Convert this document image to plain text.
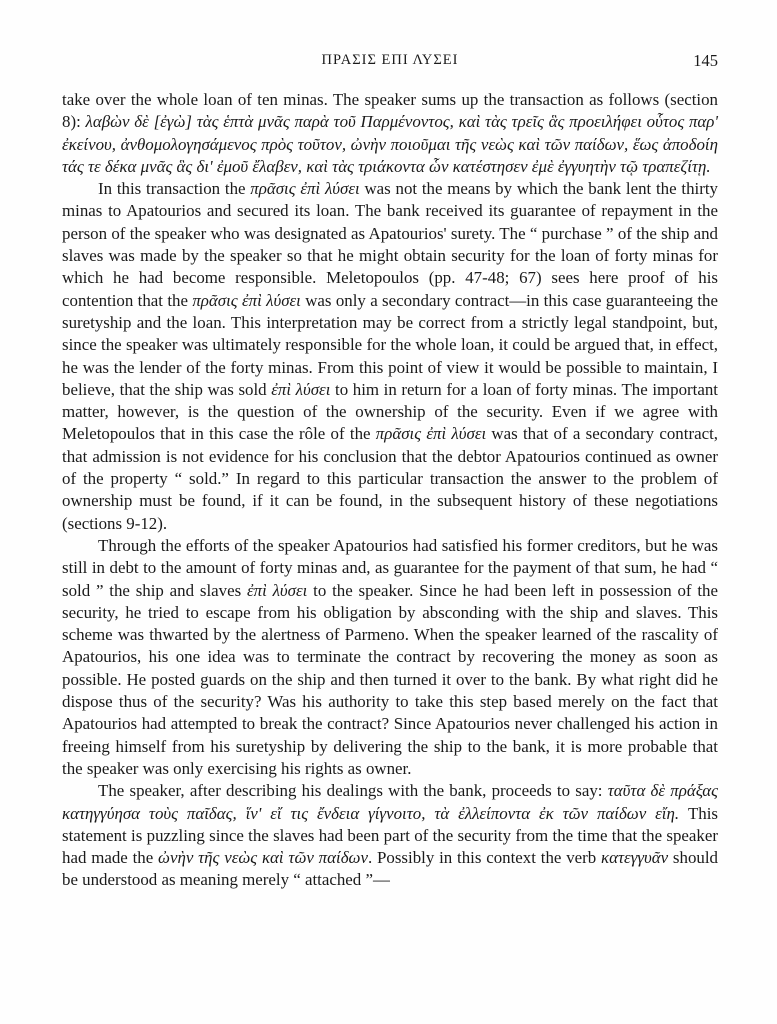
ΠΡΑΣΙΣ ΕΠΙ ΛΥΣΕΙ	145

take over the whole loan of ten minas. The speaker sums up the transaction as follows (section 8): λαβὼν δὲ [ἐγὼ] τὰς ἑπτὰ μνᾶς παρὰ τοῦ Παρμένοντος, καὶ τὰς τρεῖς ἃς προειλήφει οὗτος παρ' ἐκείνου, ἀνθομολογησάμενος πρὸς τοῦτον, ὠνὴν ποιοῦμαι τῆς νεὼς καὶ τῶν παίδων, ἕως ἀποδοίη τάς τε δέκα μνᾶς ἃς δι' ἐμοῦ ἔλαβεν, καὶ τὰς τριάκοντα ὧν κατέστησεν ἐμὲ ἐγγυητὴν τῷ τραπεζίτῃ.

In this transaction the πρᾶσις ἐπὶ λύσει was not the means by which the bank lent the thirty minas to Apatourios and secured its loan. The bank received its guarantee of repayment in the person of the speaker who was designated as Apatourios' surety. The “ purchase ” of the ship and slaves was made by the speaker so that he might obtain security for the loan of forty minas for which he had become responsible. Meletopoulos (pp. 47-48; 67) sees here proof of his contention that the πρᾶσις ἐπὶ λύσει was only a secondary contract—in this case guaranteeing the suretyship and the loan. This interpretation may be correct from a strictly legal standpoint, but, since the speaker was ultimately responsible for the whole loan, it could be argued that, in effect, he was the lender of the forty minas. From this point of view it would be possible to maintain, I believe, that the ship was sold ἐπὶ λύσει to him in return for a loan of forty minas. The important matter, however, is the question of the ownership of the security. Even if we agree with Meletopoulos that in this case the rôle of the πρᾶσις ἐπὶ λύσει was that of a secondary contract, that admission is not evidence for his conclusion that the debtor Apatourios continued as owner of the property “ sold.” In regard to this particular transaction the answer to the problem of ownership must be found, if it can be found, in the subsequent history of these negotiations (sections 9-12).

Through the efforts of the speaker Apatourios had satisfied his former creditors, but he was still in debt to the amount of forty minas and, as guarantee for the payment of that sum, he had “ sold ” the ship and slaves ἐπὶ λύσει to the speaker. Since he had been left in possession of the security, he tried to escape from his obligation by absconding with the ship and slaves. This scheme was thwarted by the alertness of Parmeno. When the speaker learned of the rascality of Apatourios, his one idea was to terminate the contract by recovering the money as soon as possible. He posted guards on the ship and then turned it over to the bank. By what right did he dispose thus of the security? Was his authority to take this step based merely on the fact that Apatourios had attempted to break the contract? Since Apatourios never challenged his action in freeing himself from his suretyship by delivering the ship to the bank, it is more probable that the speaker was only exercising his rights as owner.

The speaker, after describing his dealings with the bank, proceeds to say: ταῦτα δὲ πράξας κατηγγύησα τοὺς παῖδας, ἵν' εἴ τις ἔνδεια γίγνοιτο, τὰ ἐλλείποντα ἐκ τῶν παίδων εἴη. This statement is puzzling since the slaves had been part of the security from the time that the speaker had made the ὠνὴν τῆς νεὼς καὶ τῶν παίδων. Possibly in this context the verb κατεγγυᾶν should be understood as meaning merely “ attached ”—
